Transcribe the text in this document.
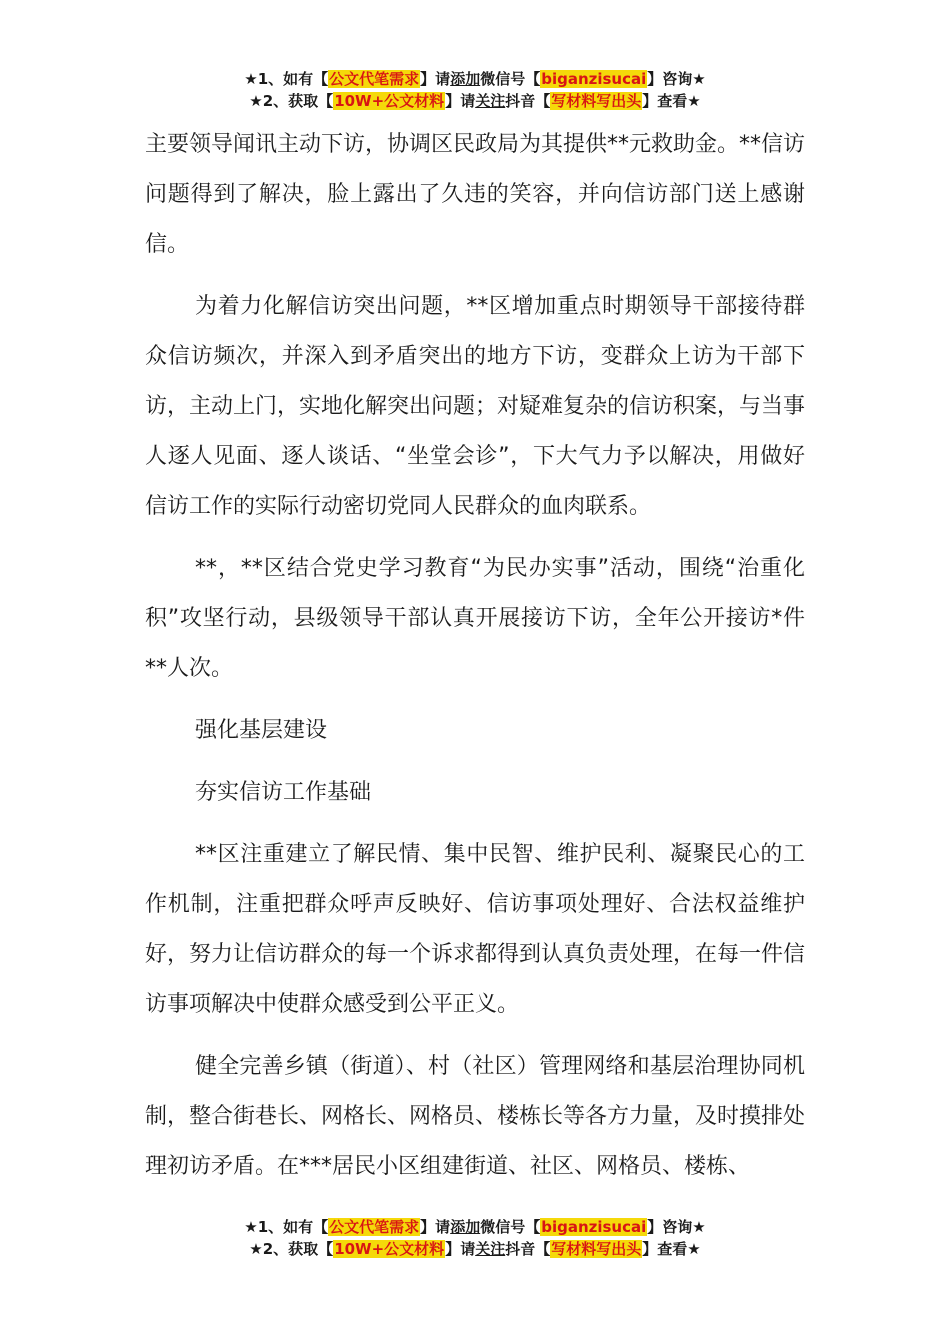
★1、如有【公文代笔需求】请添加微信号【biganzisucai】咨询★
★2、获取【10W+公文材料】请关注抖音【写材料写出头】查看★

主要领导闻讯主动下访，协调区民政局为其提供**元救助金。**信访问题得到了解决，脸上露出了久违的笑容，并向信访部门送上感谢信。

为着力化解信访突出问题，**区增加重点时期领导干部接待群众信访频次，并深入到矛盾突出的地方下访，变群众上访为干部下访，主动上门，实地化解突出问题；对疑难复杂的信访积案，与当事人逐人见面、逐人谈话、“坐堂会诊”，下大气力予以解决，用做好信访工作的实际行动密切党同人民群众的血肉联系。

**，**区结合党史学习教育“为民办实事”活动，围绕“治重化积”攻坚行动，县级领导干部认真开展接访下访，全年公开接访*件**人次。

强化基层建设

夯实信访工作基础

**区注重建立了解民情、集中民智、维护民利、凝聚民心的工作机制，注重把群众呼声反映好、信访事项处理好、合法权益维护好，努力让信访群众的每一个诉求都得到认真负责处理，在每一件信访事项解决中使群众感受到公平正义。

健全完善乡镇（街道）、村（社区）管理网络和基层治理协同机制，整合街巷长、网格长、网格员、楼栋长等各方力量，及时摸排处理初访矛盾。在***居民小区组建街道、社区、网格员、楼栋、

★1、如有【公文代笔需求】请添加微信号【biganzisucai】咨询★
★2、获取【10W+公文材料】请关注抖音【写材料写出头】查看★
